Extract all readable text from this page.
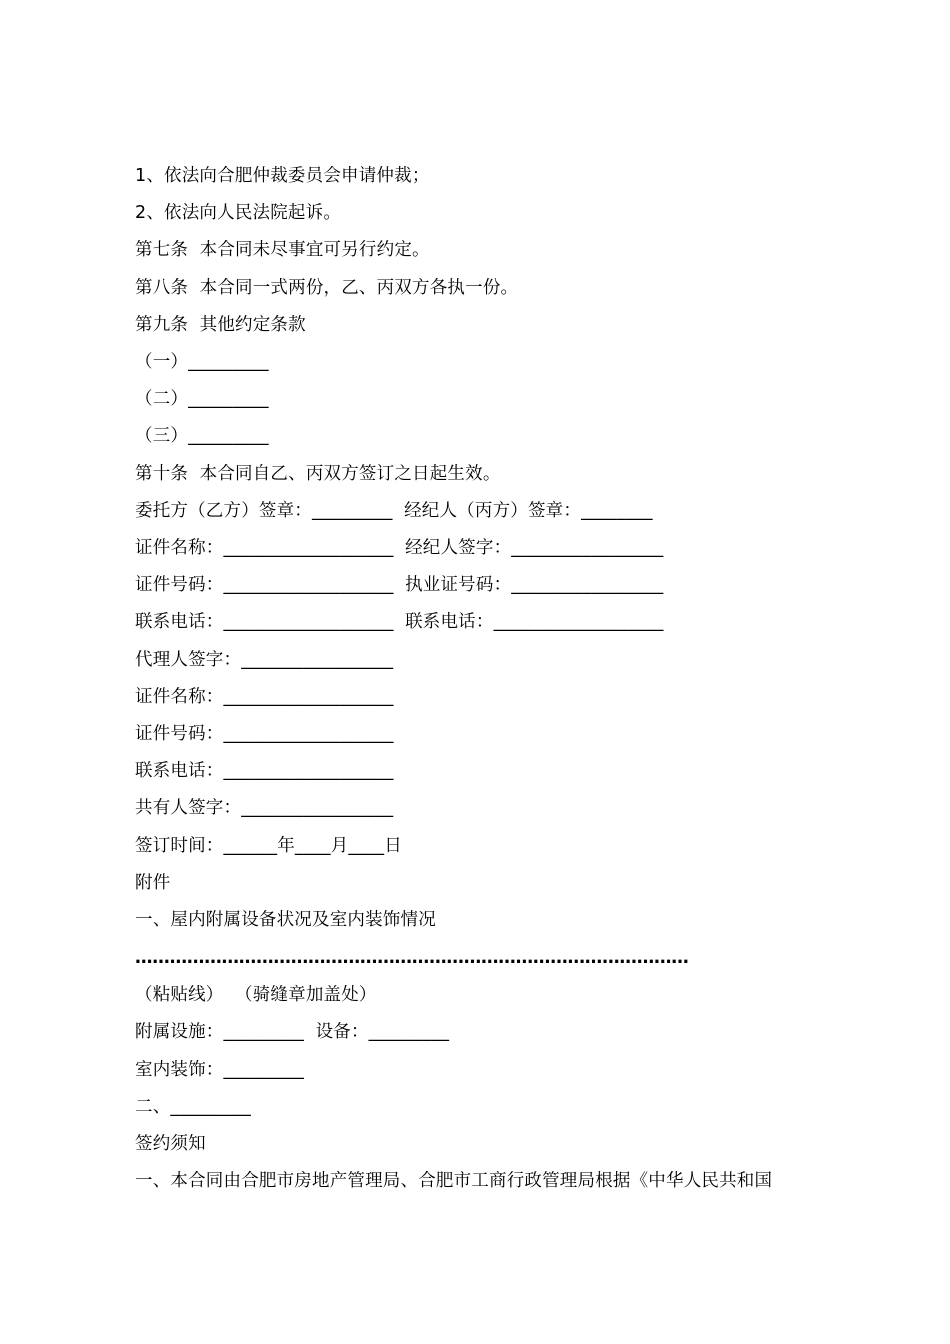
1、依法向合肥仲裁委员会申请仲裁；
2、依法向人民法院起诉。
第七条  本合同未尽事宜可另行约定。
第八条  本合同一式两份，乙、丙双方各执一份。
第九条  其他约定条款
（一）_________
（二）_________
（三）_________
第十条  本合同自乙、丙双方签订之日起生效。
委托方（乙方）签章：_________  经纪人（丙方）签章：________
证件名称：___________________  经纪人签字：_________________
证件号码：___________________  执业证号码：_________________
联系电话：___________________  联系电话：___________________
代理人签字：_________________
证件名称：___________________
证件号码：___________________
联系电话：___________________
共有人签字：_________________
签订时间：______年____月____日
附件
一、屋内附属设备状况及室内装饰情况
……………………………………………………………………………………
（粘贴线）  （骑缝章加盖处）
附属设施：_________  设备：_________
室内装饰：_________
二、_________
签约须知
一、本合同由合肥市房地产管理局、合肥市工商行政管理局根据《中华人民共和国
